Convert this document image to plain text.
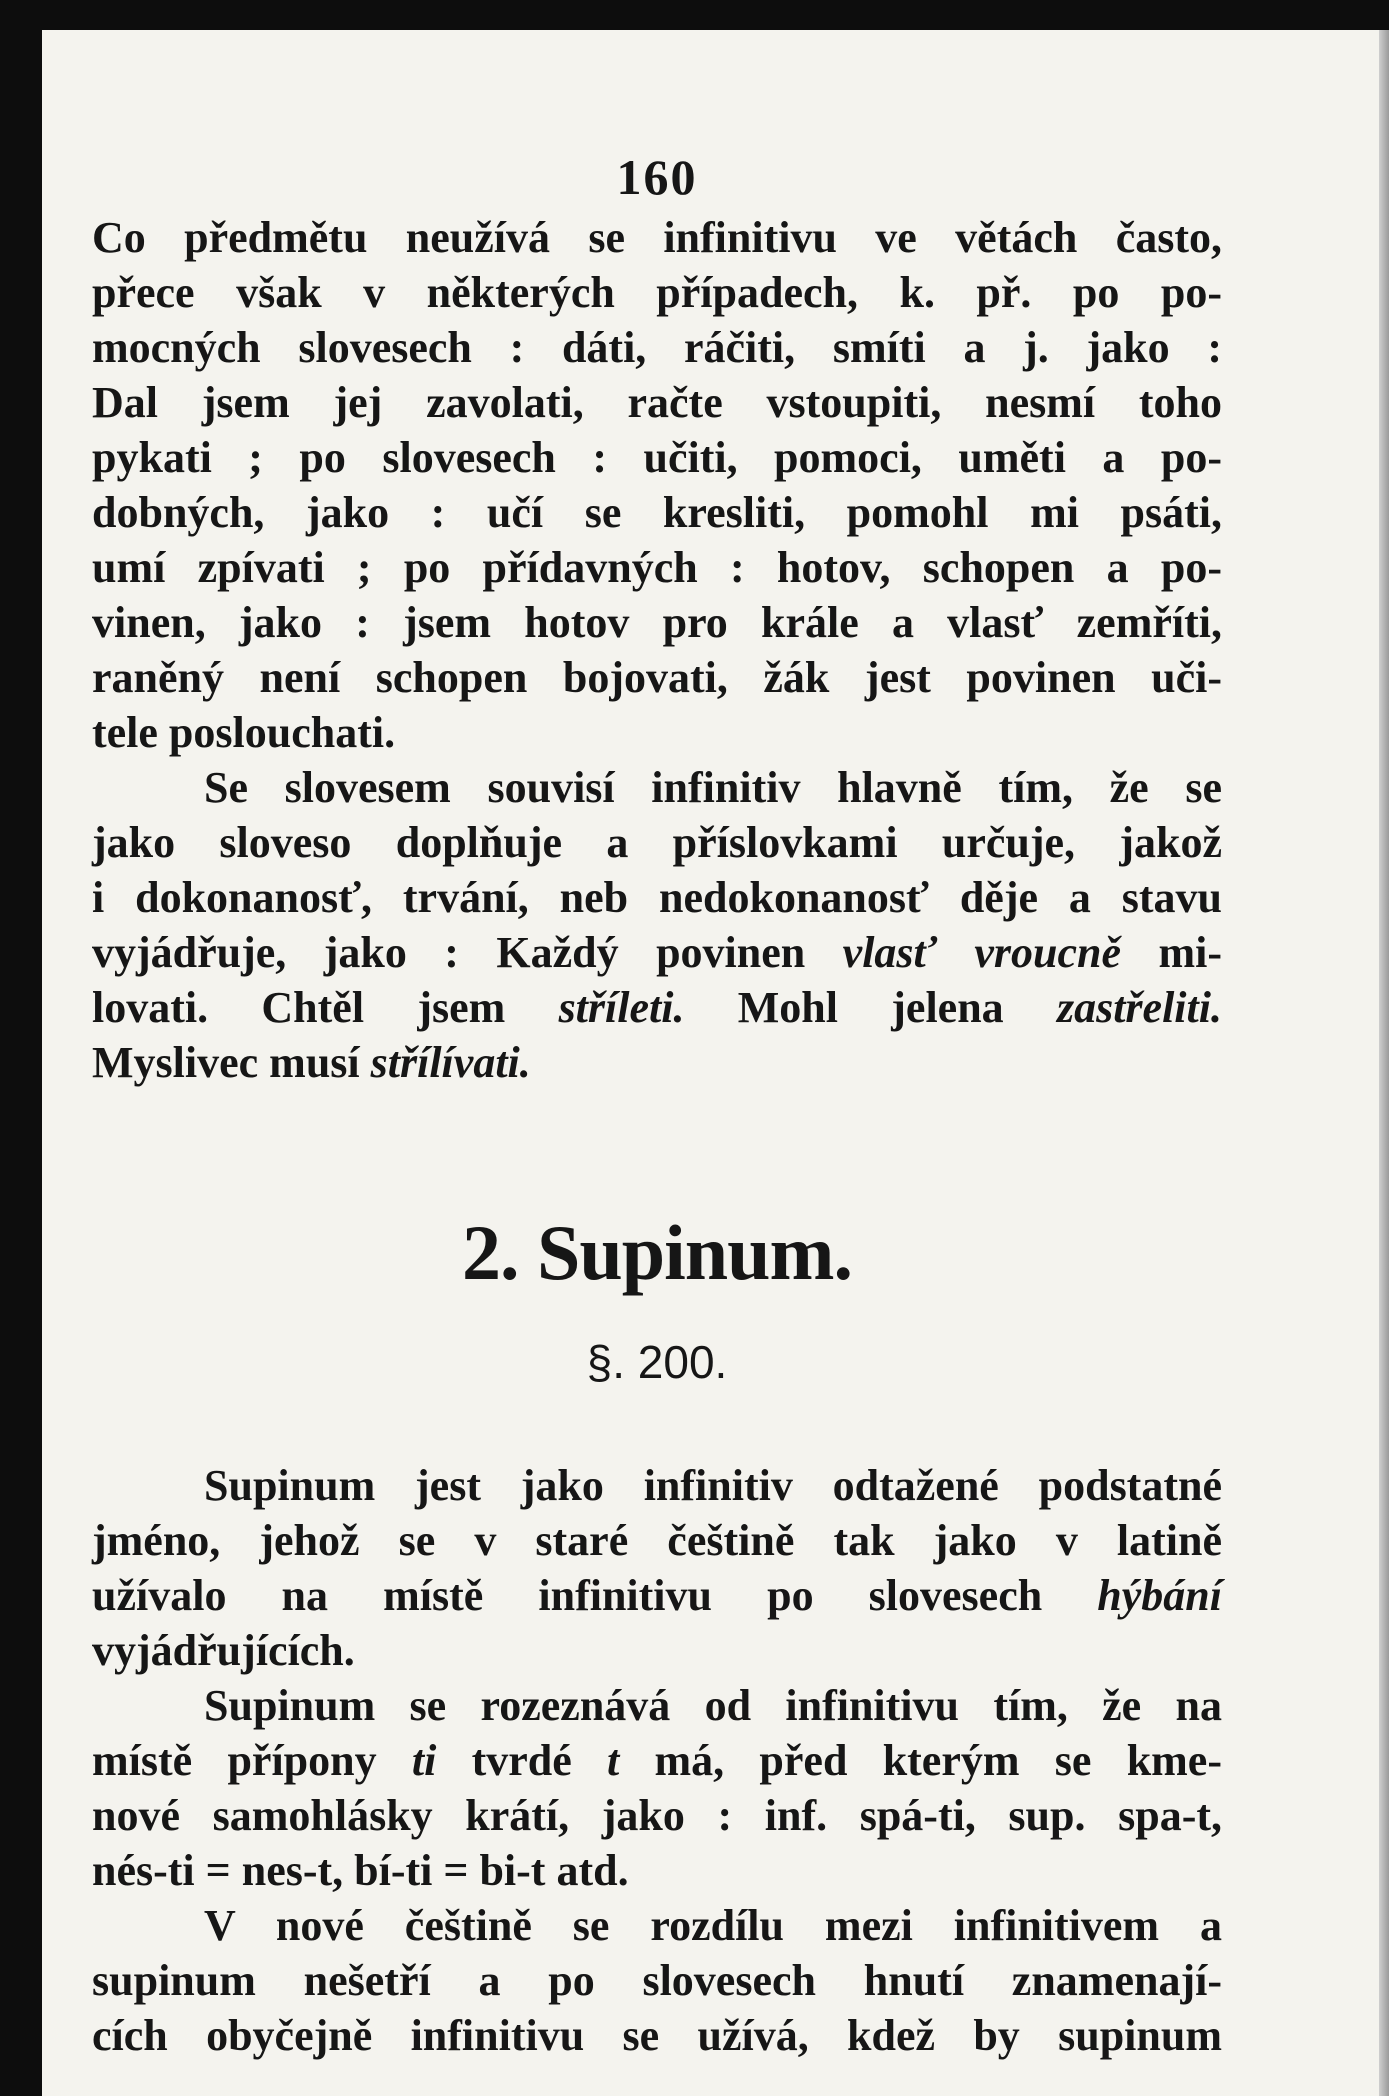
160
Co předmětu neužívá se infinitivu ve větách často,
přece však v některých případech, k. př. po po-
mocných slovesech : dáti, ráčiti, smíti a j. jako :
Dal jsem jej zavolati, račte vstoupiti, nesmí toho
pykati ; po slovesech : učiti, pomoci, uměti a po-
dobných, jako : učí se kresliti, pomohl mi psáti,
umí zpívati ; po přídavných : hotov, schopen a po-
vinen, jako : jsem hotov pro krále a vlasť zemříti,
raněný není schopen bojovati, žák jest povinen uči-
tele poslouchati.
Se slovesem souvisí infinitiv hlavně tím, že se
jako sloveso doplňuje a příslovkami určuje, jakož
i dokonanosť, trvání, neb nedokonanosť děje a stavu
vyjádřuje, jako : Každý povinen vlasť vroucně mi-
lovati. Chtěl jsem stříleti. Mohl jelena zastřeliti.
Myslivec musí střílívati.
2. Supinum.
§. 200.
Supinum jest jako infinitiv odtažené podstatné
jméno, jehož se v staré češtině tak jako v latině
užívalo na místě infinitivu po slovesech hýbání
vyjádřujících.
Supinum se rozeznává od infinitivu tím, že na
místě přípony ti tvrdé t má, před kterým se kme-
nové samohlásky krátí, jako : inf. spá-ti, sup. spa-t,
nés-ti = nes-t, bí-ti = bi-t atd.
V nové češtině se rozdílu mezi infinitivem a
supinum nešetří a po slovesech hnutí znamenají-
cích obyčejně infinitivu se užívá, kdež by supinum
